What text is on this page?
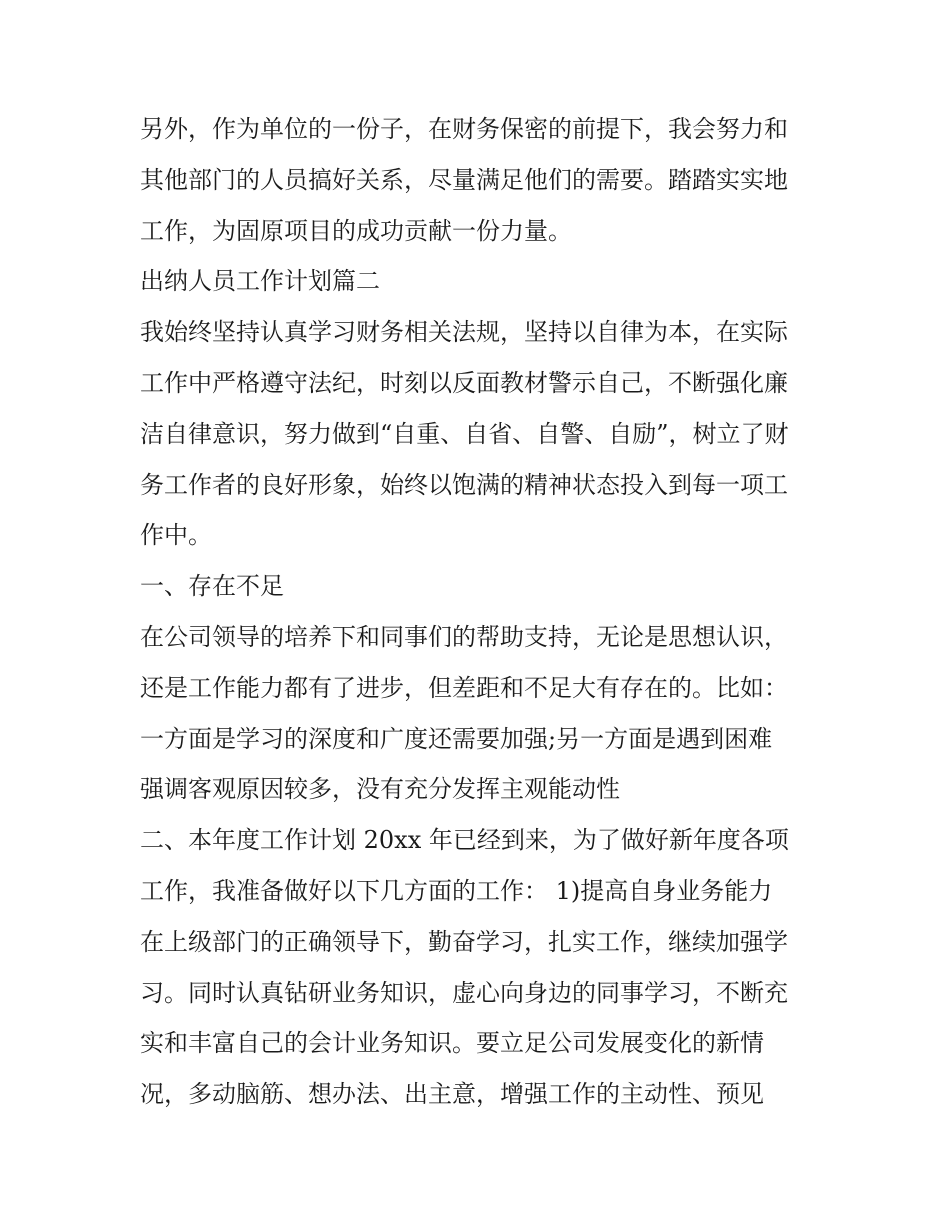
另外，作为单位的一份子，在财务保密的前提下，我会努力和
其他部门的人员搞好关系，尽量满足他们的需要。踏踏实实地
工作，为固原项目的成功贡献一份力量。
出纳人员工作计划篇二
我始终坚持认真学习财务相关法规，坚持以自律为本，在实际
工作中严格遵守法纪，时刻以反面教材警示自己，不断强化廉
洁自律意识，努力做到“自重、自省、自警、自励”，树立了财
务工作者的良好形象，始终以饱满的精神状态投入到每一项工
作中。
一、存在不足
在公司领导的培养下和同事们的帮助支持，无论是思想认识，
还是工作能力都有了进步，但差距和不足大有存在的。比如：
一方面是学习的深度和广度还需要加强;另一方面是遇到困难
强调客观原因较多，没有充分发挥主观能动性
二、本年度工作计划 20xx 年已经到来，为了做好新年度各项
工作，我准备做好以下几方面的工作： 1)提高自身业务能力
在上级部门的正确领导下，勤奋学习，扎实工作，继续加强学
习。同时认真钻研业务知识，虚心向身边的同事学习，不断充
实和丰富自己的会计业务知识。要立足公司发展变化的新情
况，多动脑筋、想办法、出主意，增强工作的主动性、预见
